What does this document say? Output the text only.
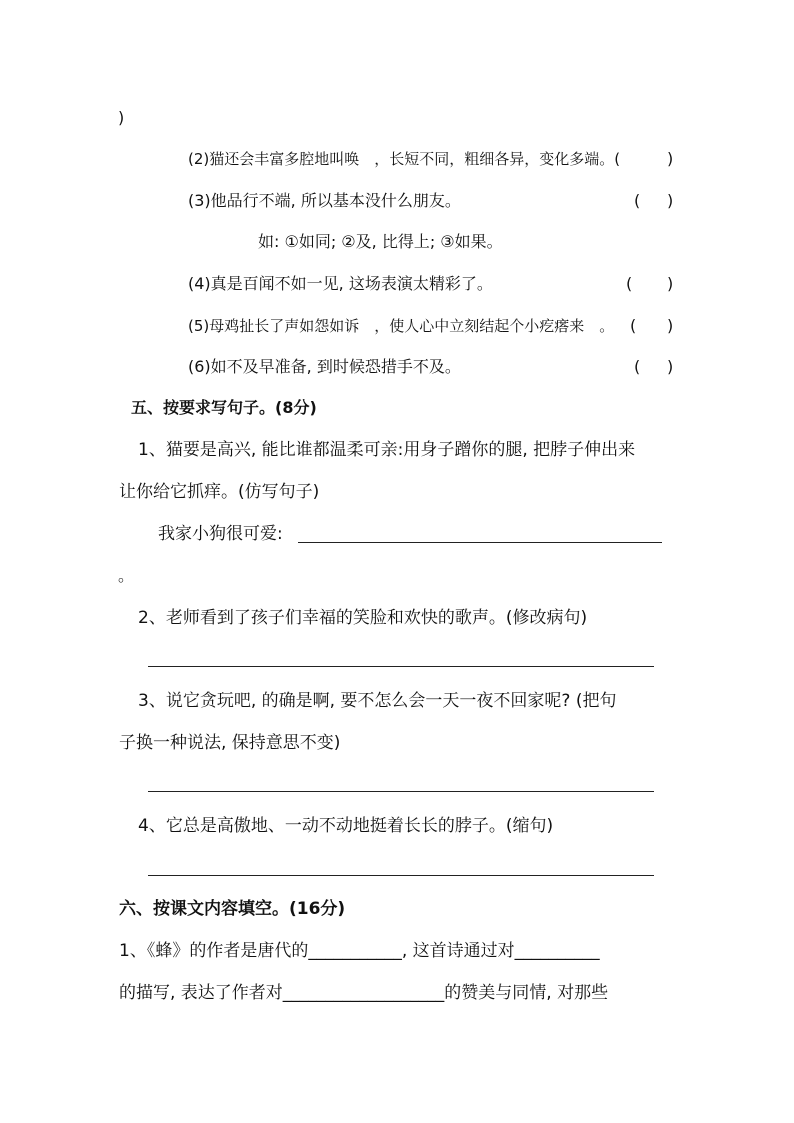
)
(2)猫还会丰富多腔地叫唤　，长短不同，粗细各异，变化多端。(	)
(3)他品行不端, 所以基本没什么朋友。	( )
如: ①如同; ②及, 比得上; ③如果。
(4)真是百闻不如一见, 这场表演太精彩了。	( )
(5)母鸡扯长了声如怨如诉　，使人心中立刻结起个小疙瘩来　。 ( )
(6)如不及早准备, 到时候恐措手不及。	( )
五、按要求写句子。(8分)
1、猫要是高兴, 能比谁都温柔可亲:用身子蹭你的腿, 把脖子伸出来
让你给它抓痒。(仿写句子)
我家小狗很可爱:
。
2、老师看到了孩子们幸福的笑脸和欢快的歌声。(修改病句)
3、说它贪玩吧, 的确是啊, 要不怎么会一天一夜不回家呢? (把句
子换一种说法, 保持意思不变)
4、它总是高傲地、一动不动地挺着长长的脖子。(缩句)
六、按课文内容填空。(16分)
1、《蜂》的作者是唐代的___________, 这首诗通过对__________
的描写, 表达了作者对___________________的赞美与同情, 对那些
